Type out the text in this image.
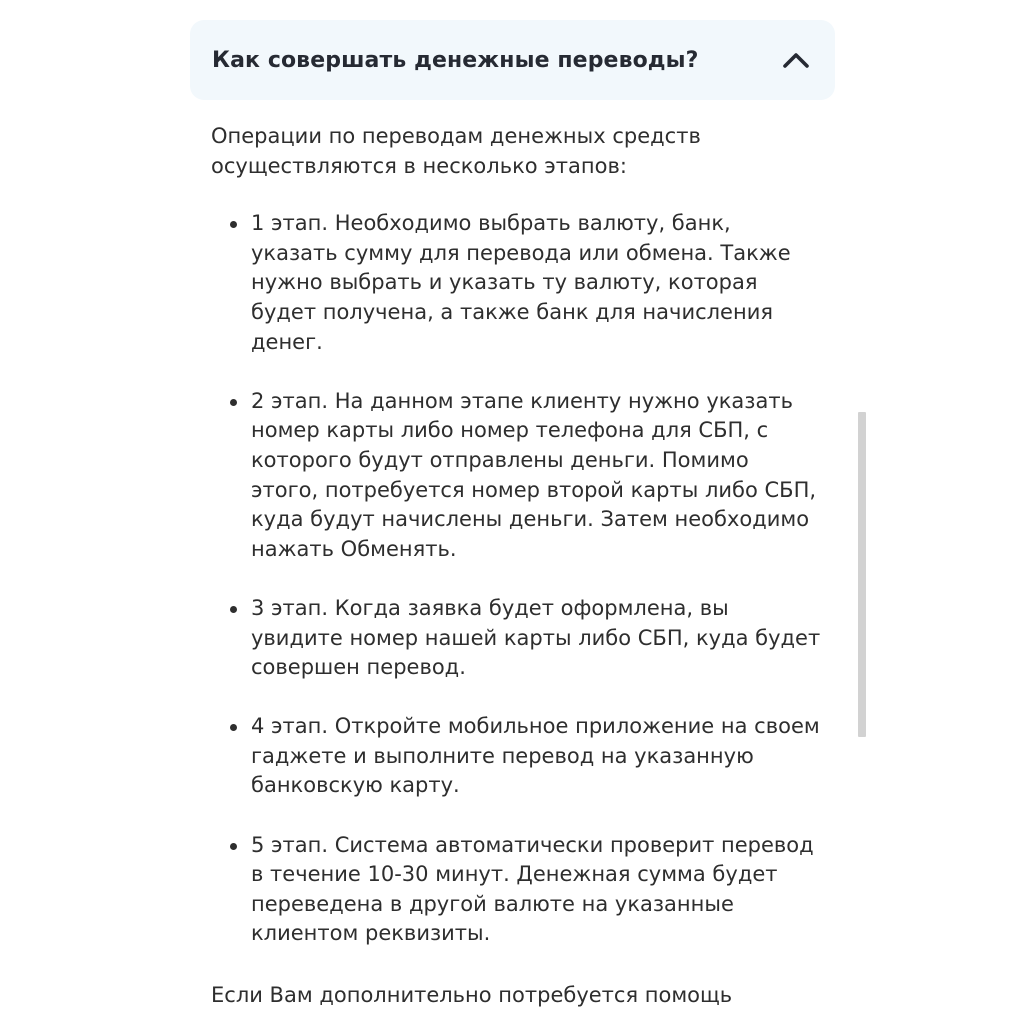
Как совершать денежные переводы?

Операции по переводам денежных средств осуществляются в несколько этапов:

1 этап. Необходимо выбрать валюту, банк, указать сумму для перевода или обмена. Также нужно выбрать и указать ту валюту, которая будет получена, а также банк для начисления денег.
2 этап. На данном этапе клиенту нужно указать номер карты либо номер телефона для СБП, с которого будут отправлены деньги. Помимо этого, потребуется номер второй карты либо СБП, куда будут начислены деньги. Затем необходимо нажать Обменять.
3 этап. Когда заявка будет оформлена, вы увидите номер нашей карты либо СБП, куда будет совершен перевод.
4 этап. Откройте мобильное приложение на своем гаджете и выполните перевод на указанную банковскую карту.
5 этап. Система автоматически проверит перевод в течение 10-30 минут. Денежная сумма будет переведена в другой валюте на указанные клиентом реквизиты.

Если Вам дополнительно потребуется помощь
